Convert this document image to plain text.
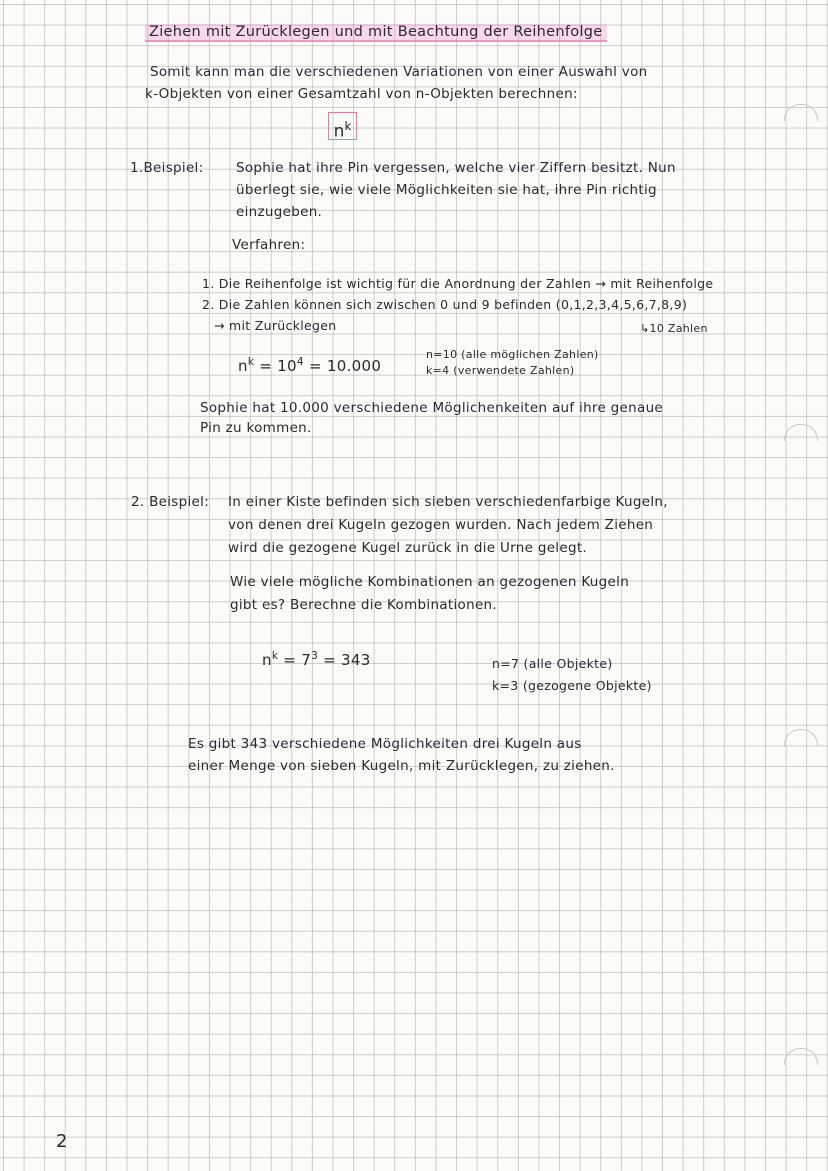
Ziehen mit Zurücklegen und mit Beachtung der Reihenfolge
Somit kann man die verschiedenen Variationen von einer Auswahl von
k-Objekten von einer Gesamtzahl von n-Objekten berechnen:
$n^k$
1.Beispiel: Sophie hat ihre Pin vergessen, welche vier Ziffern besitzt. Nun
überlegt sie, wie viele Möglichkeiten sie hat, ihre Pin richtig
einzugeben.
Verfahren:
1. Die Reihenfolge ist wichtig für die Anordnung der Zahlen → mit Reihenfolge
2. Die Zahlen können sich zwischen 0 und 9 befinden (0,1,2,3,4,5,6,7,8,9)
→ mit Zurücklegen	↳10 Zahlen
$n^k = 10^4 = 10.000$
n=10 (alle möglichen Zahlen)
k=4 (verwendete Zahlen)
Sophie hat 10.000 verschiedene Möglichenkeiten auf ihre genaue
Pin zu kommen.
2. Beispiel: In einer Kiste befinden sich sieben verschiedenfarbige Kugeln,
von denen drei Kugeln gezogen wurden. Nach jedem Ziehen
wird die gezogene Kugel zurück in die Urne gelegt.
Wie viele mögliche Kombinationen an gezogenen Kugeln
gibt es? Berechne die Kombinationen.
$n^k = 7^3 = 343$	n=7 (alle Objekte)
k=3 (gezogene Objekte)
Es gibt 343 verschiedene Möglichkeiten drei Kugeln aus
einer Menge von sieben Kugeln, mit Zurücklegen, zu ziehen.
2
